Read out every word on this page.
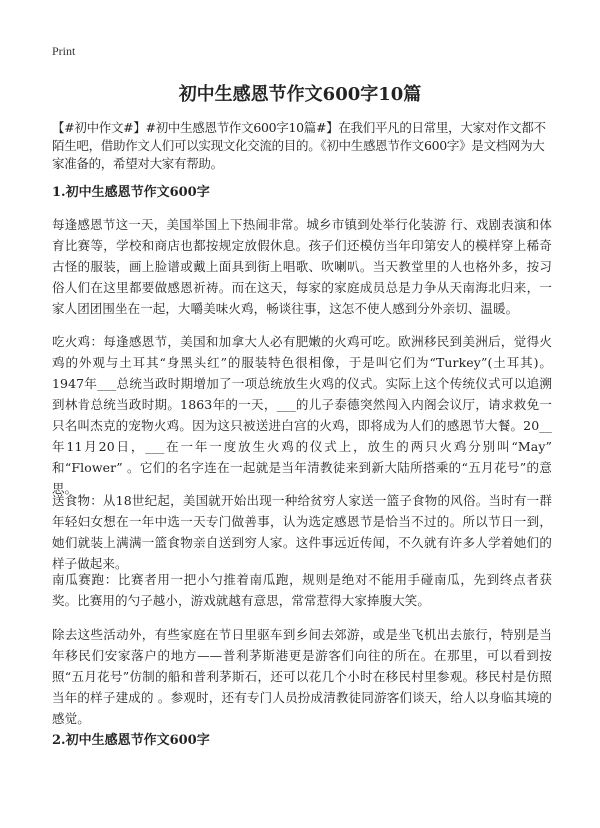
Print
初中生感恩节作文600字10篇

【#初中作文#】#初中生感恩节作文600字10篇#】在我们平凡的日常里，大家对作文都不陌生吧，借助作文人们可以实现文化交流的目的。《初中生感恩节作文600字》是文档网为大家准备的，希望对大家有帮助。

1.初中生感恩节作文600字

每逢感恩节这一天，美国举国上下热闹非常。城乡市镇到处举行化装游 行、戏剧表演和体育比赛等，学校和商店也都按规定放假休息。孩子们还模仿当年印第安人的模样穿上稀奇古怪的服装，画上脸谱或戴上面具到街上唱歌、吹喇叭。当天教堂里的人也格外多，按习俗人们在这里都要做感恩祈祷。而在这天，每家的家庭成员总是力争从天南海北归来，一家人团团围坐在一起，大嚼美味火鸡，畅谈往事，这怎不使人感到分外亲切、温暖。

吃火鸡：每逢感恩节，美国和加拿大人必有肥嫩的火鸡可吃。欧洲移民到美洲后，觉得火鸡的外观与土耳其“身黑头红”的服装特色很相像，于是叫它们为“Turkey”(土耳其)。1947年___总统当政时期增加了一项总统放生火鸡的仪式。实际上这个传统仪式可以追溯到林肯总统当政时期。1863年的一天，___的儿子泰德突然闯入内阁会议厅，请求救免一只名叫杰克的宠物火鸡。因为这只被送进白宫的火鸡，即将成为人们的感恩节大餐。20__年11月20日，___在一年一度放生火鸡的仪式上，放生的两只火鸡分别叫“May” 和“Flower” 。它们的名字连在一起就是当年清教徒来到新大陆所搭乘的“五月花号”的意思。

送食物：从18世纪起，美国就开始出现一种给贫穷人家送一篮子食物的风俗。当时有一群年轻妇女想在一年中选一天专门做善事，认为选定感恩节是恰当不过的。所以节日一到，她们就装上满满一篮食物亲自送到穷人家。这件事远近传闻，不久就有许多人学着她们的样子做起来。

南瓜赛跑：比赛者用一把小勺推着南瓜跑，规则是绝对不能用手碰南瓜，先到终点者获奖。比赛用的勺子越小，游戏就越有意思，常常惹得大家捧腹大笑。

除去这些活动外，有些家庭在节日里驱车到乡间去郊游，或是坐飞机出去旅行，特别是当年移民们安家落户的地方——普利茅斯港更是游客们向往的所在。在那里，可以看到按照“五月花号”仿制的船和普利茅斯石，还可以花几个小时在移民村里参观。移民村是仿照当年的样子建成的 。参观时，还有专门人员扮成清教徒同游客们谈天，给人以身临其境的感觉。

2.初中生感恩节作文600字
